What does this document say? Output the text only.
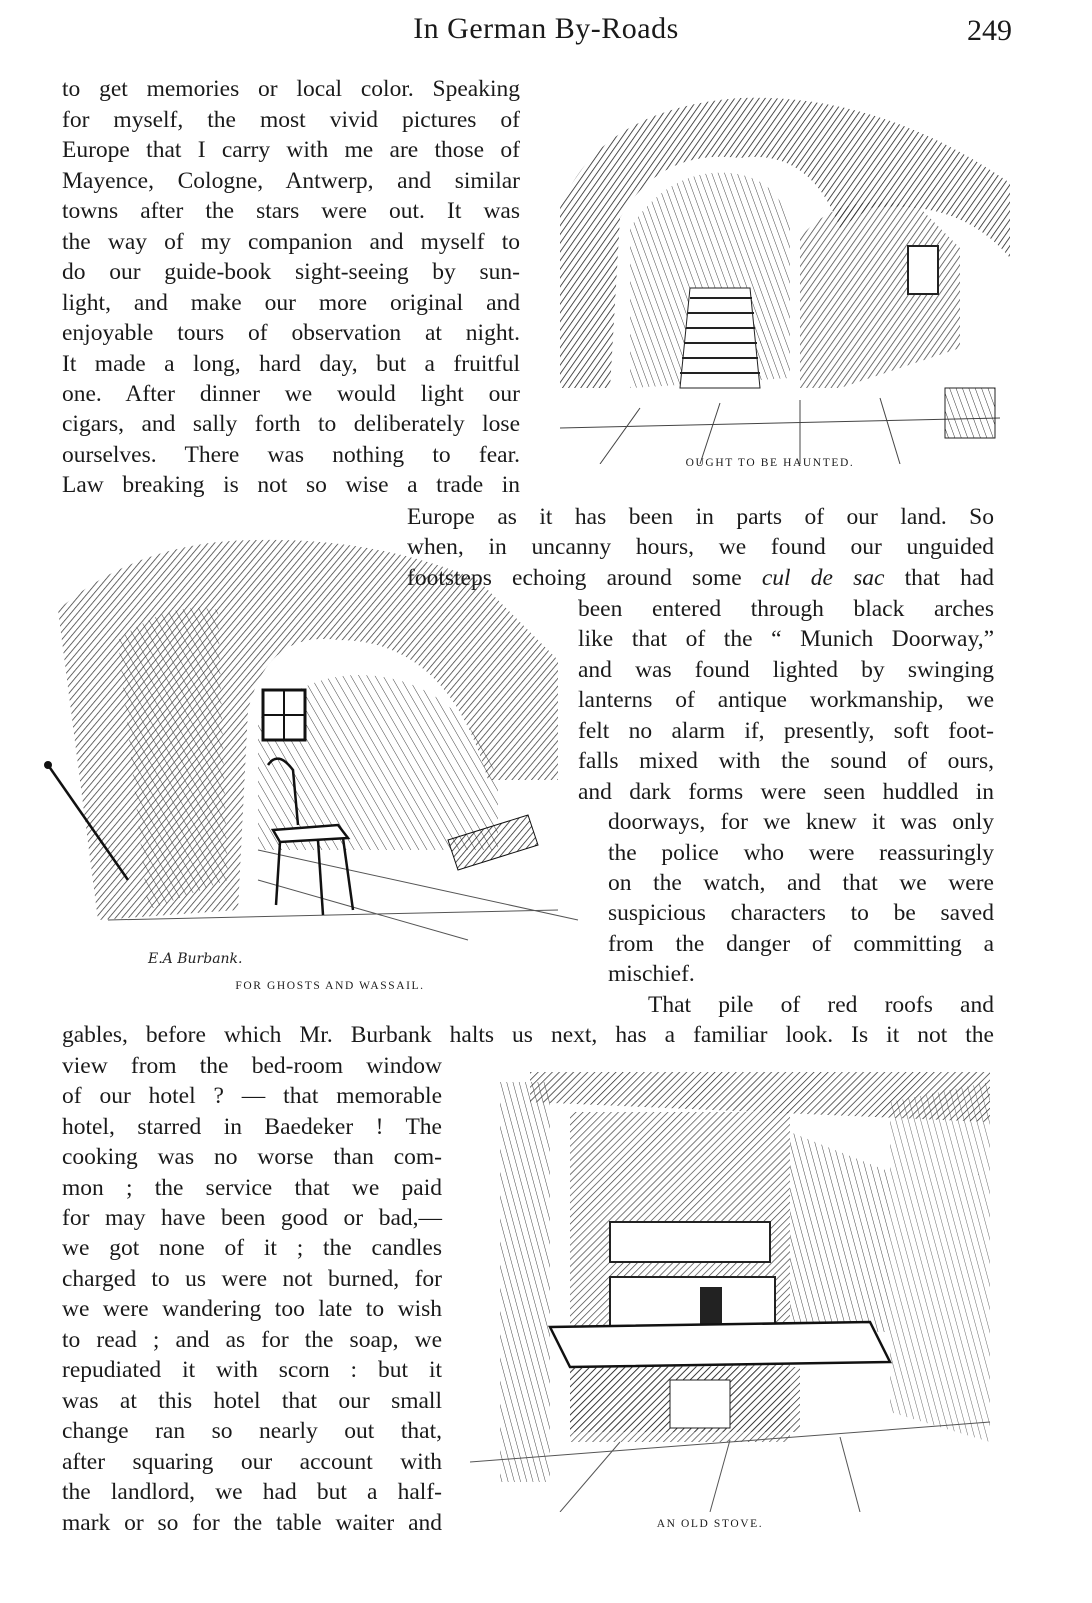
In German By-Roads	249
OUGHT TO BE HAUNTED.
E.A Burbank.
FOR GHOSTS AND WASSAIL.
AN OLD STOVE.
to get memories or local color. Speaking
for myself, the most vivid pictures of
Europe that I carry with me are those of
Mayence, Cologne, Antwerp, and similar
towns after the stars were out. It was
the way of my companion and myself to
do our guide-book sight-seeing by sun-
light, and make our more original and
enjoyable tours of observation at night.
It made a long, hard day, but a fruitful
one. After dinner we would light our
cigars, and sally forth to deliberately lose
ourselves. There was nothing to fear.
Law breaking is not so wise a trade in
Europe as it has been in parts of our land. So
when, in uncanny hours, we found our unguided
footsteps echoing around some cul de sac that had
been entered through black arches
like that of the “ Munich Doorway,”
and was found lighted by swinging
lanterns of antique workmanship, we
felt no alarm if, presently, soft foot-
falls mixed with the sound of ours,
and dark forms were seen huddled in
doorways, for we knew it was only
the police who were reassuringly
on the watch, and that we were
suspicious characters to be saved
from the danger of committing a
mischief.
That pile of red roofs and
gables, before which Mr. Burbank halts us next, has a familiar look. Is it not the
view from the bed-room window
of our hotel ? — that memorable
hotel, starred in Baedeker ! The
cooking was no worse than com-
mon ; the service that we paid
for may have been good or bad,—
we got none of it ; the candles
charged to us were not burned, for
we were wandering too late to wish
to read ; and as for the soap, we
repudiated it with scorn : but it
was at this hotel that our small
change ran so nearly out that,
after squaring our account with
the landlord, we had but a half-
mark or so for the table waiter and
